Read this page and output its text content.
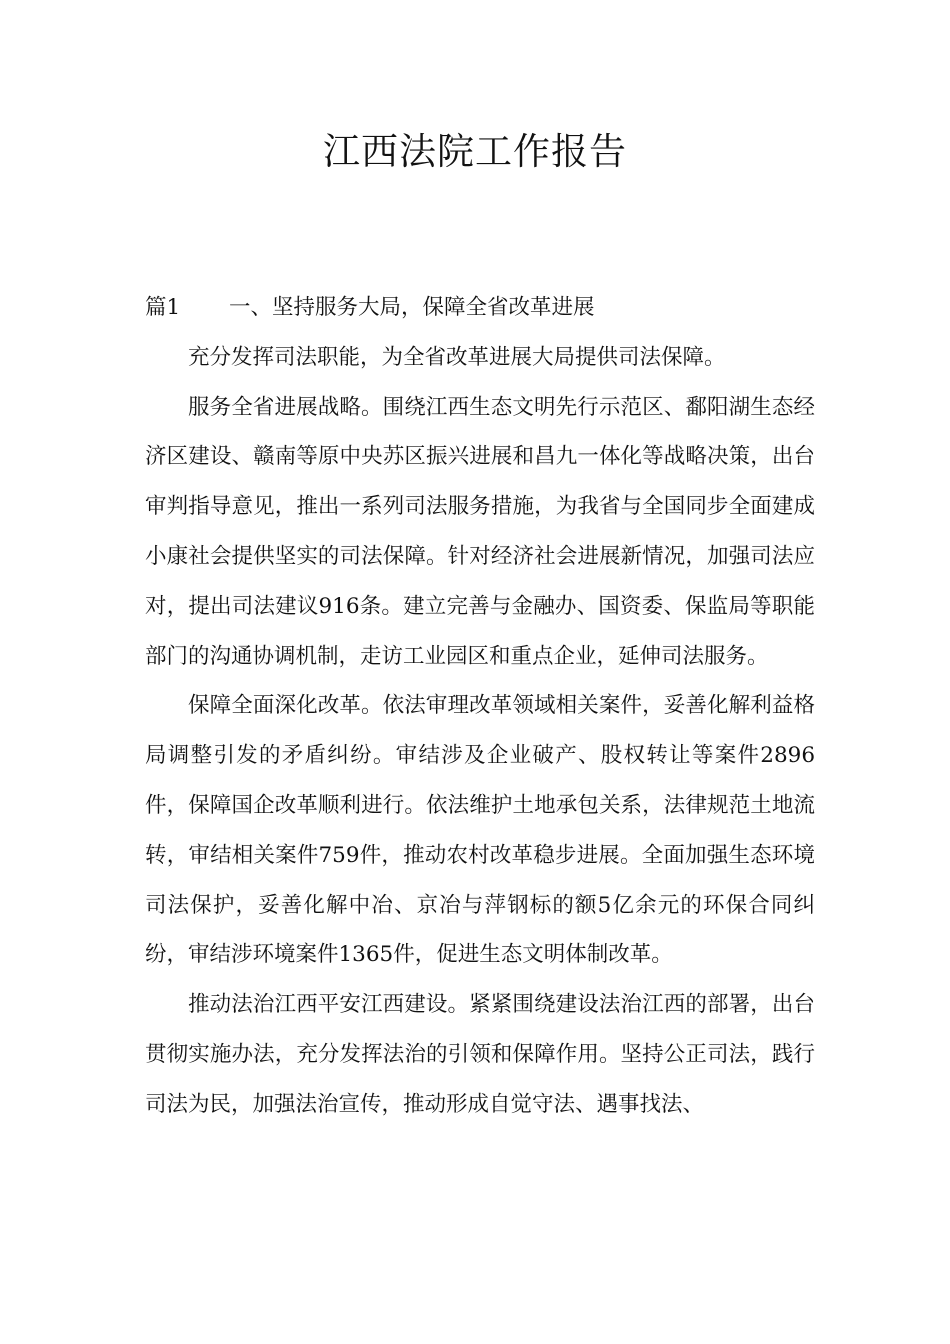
江西法院工作报告

篇1 一、坚持服务大局，保障全省改革进展

充分发挥司法职能，为全省改革进展大局提供司法保障。

服务全省进展战略。围绕江西生态文明先行示范区、鄱阳湖生态经济区建设、赣南等原中央苏区振兴进展和昌九一体化等战略决策，出台审判指导意见，推出一系列司法服务措施，为我省与全国同步全面建成小康社会提供坚实的司法保障。针对经济社会进展新情况，加强司法应对，提出司法建议916条。建立完善与金融办、国资委、保监局等职能部门的沟通协调机制，走访工业园区和重点企业，延伸司法服务。

保障全面深化改革。依法审理改革领域相关案件，妥善化解利益格局调整引发的矛盾纠纷。审结涉及企业破产、股权转让等案件2896件，保障国企改革顺利进行。依法维护土地承包关系，法律规范土地流转，审结相关案件759件，推动农村改革稳步进展。全面加强生态环境司法保护，妥善化解中冶、京冶与萍钢标的额5亿余元的环保合同纠纷，审结涉环境案件1365件，促进生态文明体制改革。

推动法治江西平安江西建设。紧紧围绕建设法治江西的部署，出台贯彻实施办法，充分发挥法治的引领和保障作用。坚持公正司法，践行司法为民，加强法治宣传，推动形成自觉守法、遇事找法、
